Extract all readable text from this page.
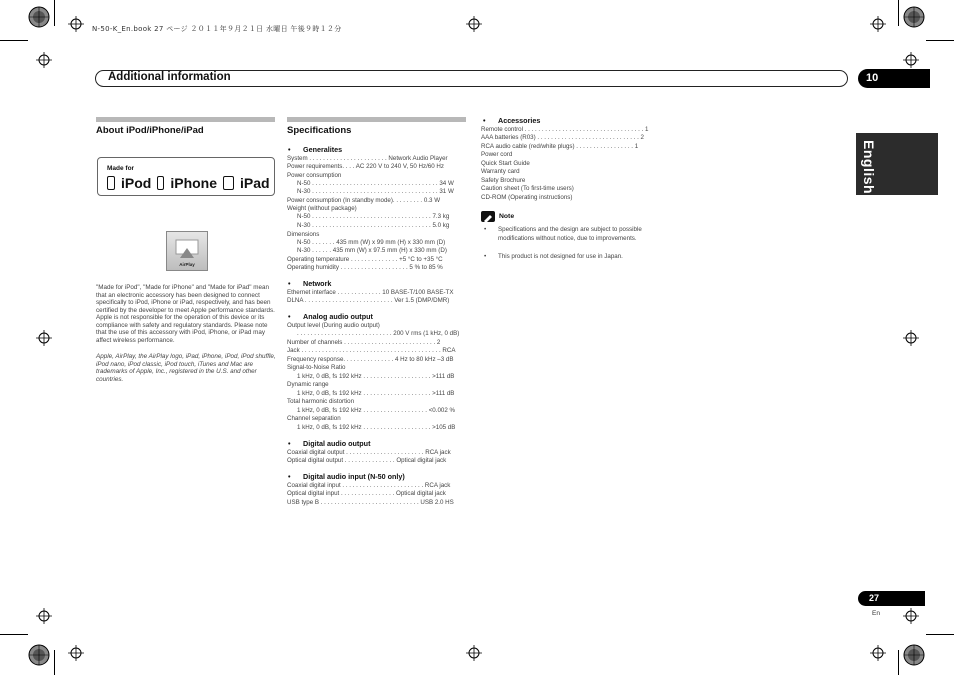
N-50-K_En.book 27 ページ ２０１１年９月２１日 水曜日 午後９時１２分
Additional information	10
English
About iPod/iPhone/iPad
Made for
iPod iPhone iPad
AirPlay
"Made for iPod", "Made for iPhone" and "Made for iPad" mean that an electronic accessory has been designed to connect specifically to iPod, iPhone or iPad, respectively, and has been certified by the developer to meet Apple performance standards. Apple is not responsible for the operation of this device or its compliance with safety and regulatory standards. Please note that the use of this accessory with iPod, iPhone, or iPad may affect wireless performance.
Apple, AirPlay, the AirPlay logo, iPad, iPhone, iPod, iPod shuffle, iPod nano, iPod classic, iPod touch, iTunes and Mac are trademarks of Apple, Inc., registered in the U.S. and other countries.
Specifications
• Generalites
System . . . . . . . . . . . . . . . . . . . . . . . Network Audio Player
Power requirements. . . . AC 220 V to 240 V, 50 Hz/60 Hz
Power consumption
N-50 . . . . . . . . . . . . . . . . . . . . . . . . . . . . . . . . . . . . . 34 W
N-30 . . . . . . . . . . . . . . . . . . . . . . . . . . . . . . . . . . . . . 31 W
Power consumption (In standby mode). . . . . . . . . 0.3 W
Weight (without package)
N-50 . . . . . . . . . . . . . . . . . . . . . . . . . . . . . . . . . . . 7.3 kg
N-30 . . . . . . . . . . . . . . . . . . . . . . . . . . . . . . . . . . . 5.0 kg
Dimensions
N-50 . . . . . . . 435 mm (W) x 99 mm (H) x 330 mm (D)
N-30 . . . . . . 435 mm (W) x 97.5 mm (H) x 330 mm (D)
Operating temperature . . . . . . . . . . . . . . +5 °C to +35 °C
Operating humidity . . . . . . . . . . . . . . . . . . . . 5 % to 85 %
• Network
Ethernet interface . . . . . . . . . . . . . 10 BASE-T/100 BASE-TX
DLNA . . . . . . . . . . . . . . . . . . . . . . . . . . Ver 1.5 (DMP/DMR)
• Analog audio output
Output level (During audio output)
. . . . . . . . . . . . . . . . . . . . . . . . . . . . 200 V rms (1 kHz, 0 dB)
Number of channels . . . . . . . . . . . . . . . . . . . . . . . . . . . 2
Jack . . . . . . . . . . . . . . . . . . . . . . . . . . . . . . . . . . . . . . . . . RCA
Frequency response. . . . . . . . . . . . . . . 4 Hz to 80 kHz –3 dB
Signal-to-Noise Ratio
1 kHz, 0 dB, fs 192 kHz . . . . . . . . . . . . . . . . . . . . >111 dB
Dynamic range
1 kHz, 0 dB, fs 192 kHz . . . . . . . . . . . . . . . . . . . . >111 dB
Total harmonic distortion
1 kHz, 0 dB, fs 192 kHz . . . . . . . . . . . . . . . . . . . <0.002 %
Channel separation
1 kHz, 0 dB, fs 192 kHz . . . . . . . . . . . . . . . . . . . . >105 dB
• Digital audio output
Coaxial digital output . . . . . . . . . . . . . . . . . . . . . . . RCA jack
Optical digital output . . . . . . . . . . . . . . . Optical digital jack
• Digital audio input (N-50 only)
Coaxial digital input . . . . . . . . . . . . . . . . . . . . . . . . RCA jack
Optical digital input . . . . . . . . . . . . . . . . Optical digital jack
USB type B . . . . . . . . . . . . . . . . . . . . . . . . . . . . . USB 2.0 HS
• Accessories
Remote control . . . . . . . . . . . . . . . . . . . . . . . . . . . . . . . . . . . 1
AAA batteries (R03) . . . . . . . . . . . . . . . . . . . . . . . . . . . . . . 2
RCA audio cable (red/white plugs) . . . . . . . . . . . . . . . . . 1
Power cord
Quick Start Guide
Warranty card
Safety Brochure
Caution sheet (To first-time users)
CD-ROM (Operating instructions)
Note
• Specifications and the design are subject to possible modifications without notice, due to improvements.
• This product is not designed for use in Japan.
27
En
